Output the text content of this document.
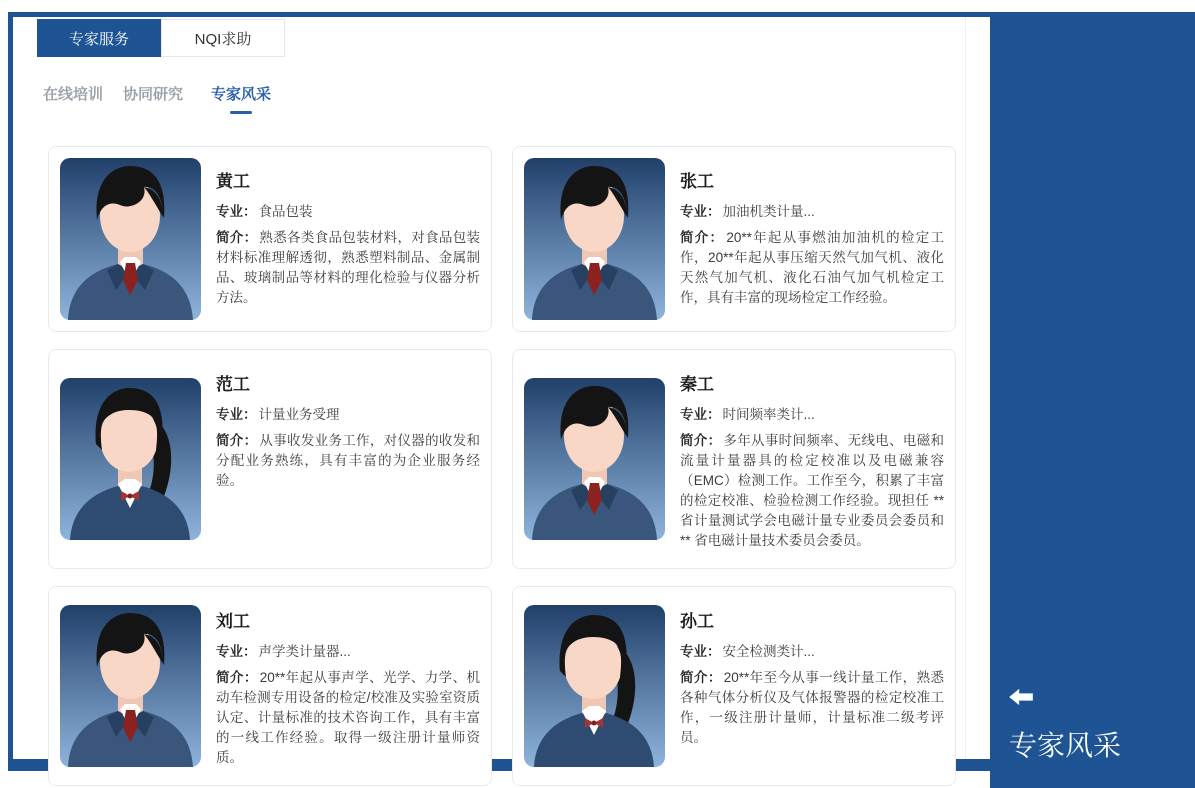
专家服务	NQI求助
在线培训 协同研究 专家风采
黄工
专业： 食品包装
简介： 熟悉各类食品包装材料，对食品包装材料标准理解透彻，熟悉塑料制品、金属制品、玻璃制品等材料的理化检验与仪器分析方法。
张工
专业： 加油机类计量...
简介： 20**年起从事燃油加油机的检定工作，20**年起从事压缩天然气加气机、液化天然气加气机、液化石油气加气机检定工作，具有丰富的现场检定工作经验。
范工
专业： 计量业务受理
简介： 从事收发业务工作，对仪器的收发和分配业务熟练，具有丰富的为企业服务经验。
秦工
专业： 时间频率类计...
简介： 多年从事时间频率、无线电、电磁和流量计量器具的检定校准以及电磁兼容（EMC）检测工作。工作至今，积累了丰富的检定校准、检验检测工作经验。现担任 ** 省计量测试学会电磁计量专业委员会委员和 ** 省电磁计量技术委员会委员。
刘工
专业： 声学类计量器...
简介： 20**年起从事声学、光学、力学、机动车检测专用设备的检定/校准及实验室资质认定、计量标准的技术咨询工作，具有丰富的一线工作经验。取得一级注册计量师资质。
孙工
专业： 安全检测类计...
简介： 20**年至今从事一线计量工作，熟悉各种气体分析仪及气体报警器的检定校准工作，一级注册计量师，计量标准二级考评员。	专家风采
